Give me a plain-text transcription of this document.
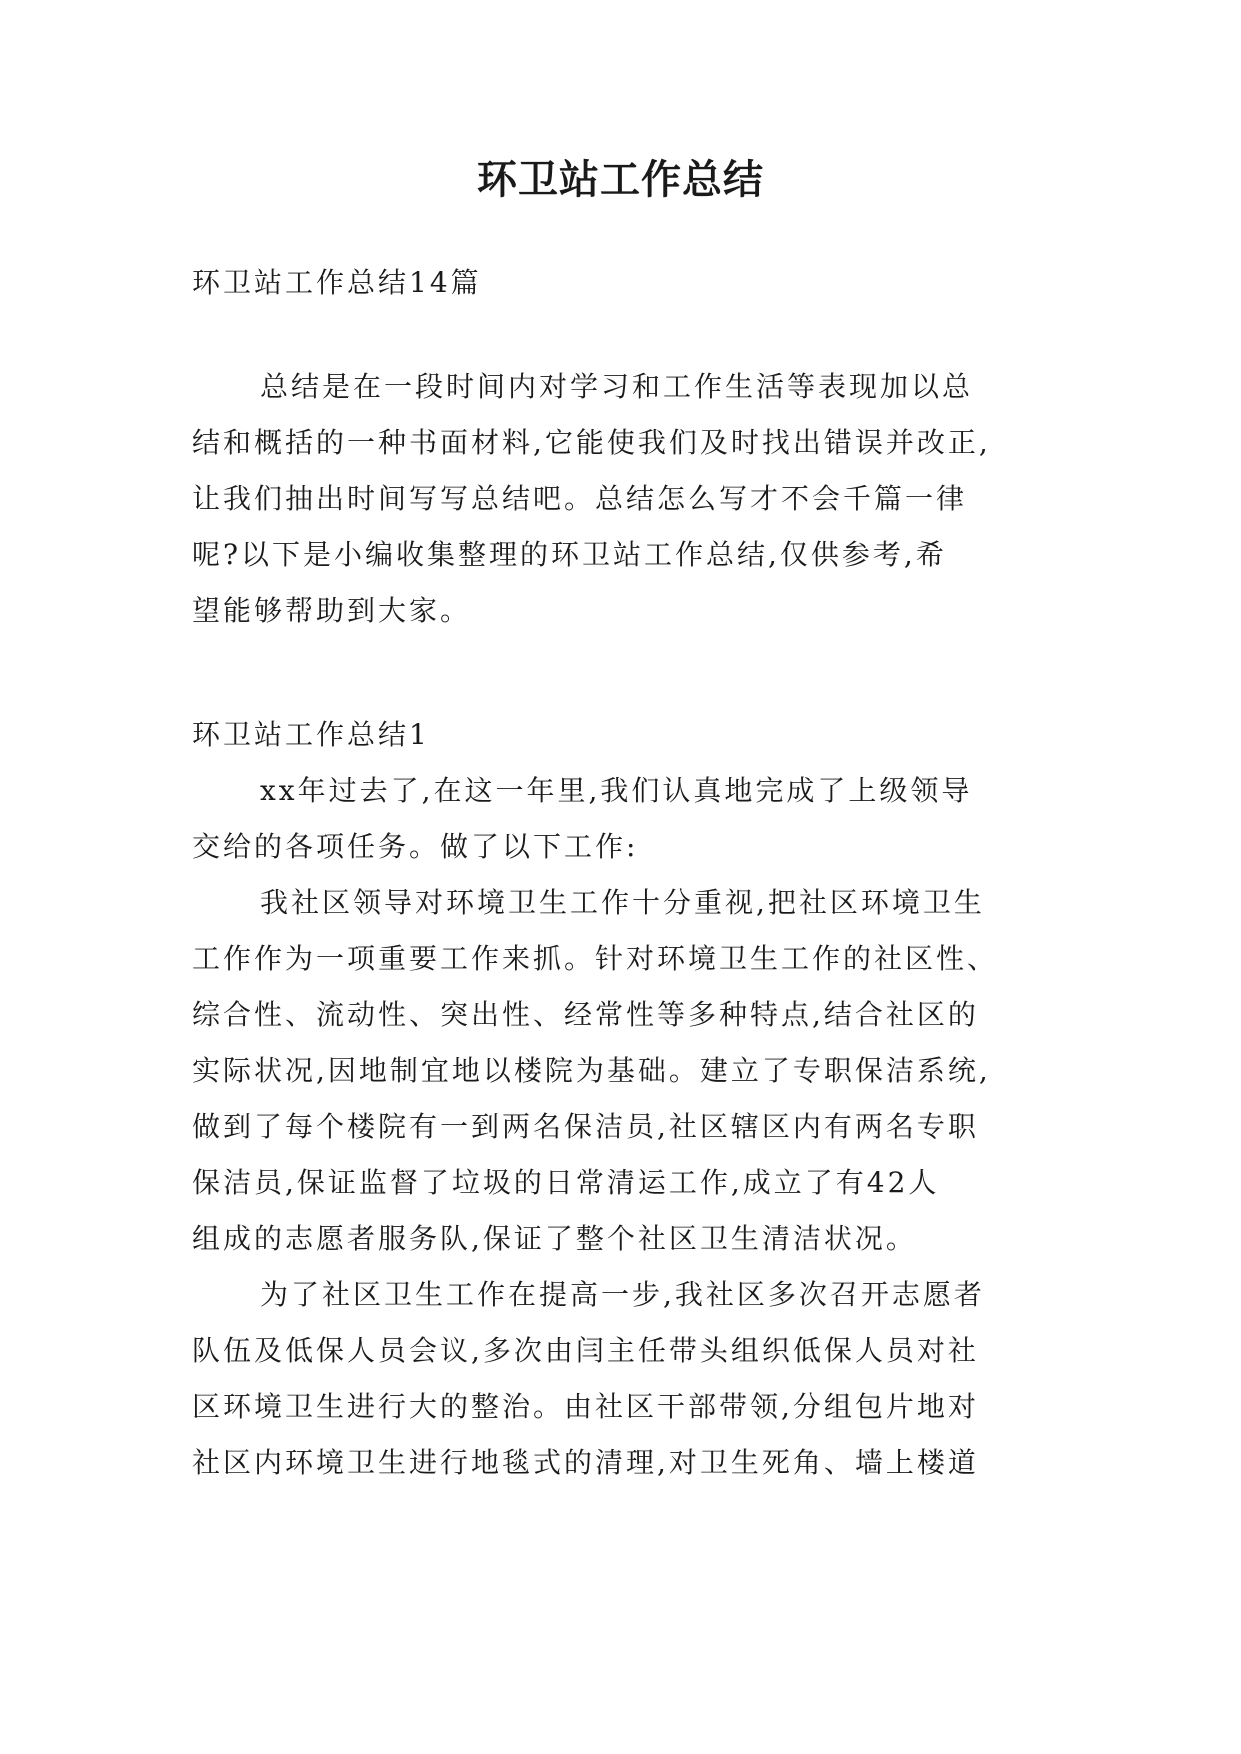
环卫站工作总结

环卫站工作总结14篇

总结是在一段时间内对学习和工作生活等表现加以总
结和概括的一种书面材料,它能使我们及时找出错误并改正,
让我们抽出时间写写总结吧。总结怎么写才不会千篇一律
呢?以下是小编收集整理的环卫站工作总结,仅供参考,希
望能够帮助到大家。

环卫站工作总结1

xx年过去了,在这一年里,我们认真地完成了上级领导
交给的各项任务。做了以下工作:
我社区领导对环境卫生工作十分重视,把社区环境卫生
工作作为一项重要工作来抓。针对环境卫生工作的社区性、
综合性、流动性、突出性、经常性等多种特点,结合社区的
实际状况,因地制宜地以楼院为基础。建立了专职保洁系统,
做到了每个楼院有一到两名保洁员,社区辖区内有两名专职
保洁员,保证监督了垃圾的日常清运工作,成立了有42人
组成的志愿者服务队,保证了整个社区卫生清洁状况。
为了社区卫生工作在提高一步,我社区多次召开志愿者
队伍及低保人员会议,多次由闫主任带头组织低保人员对社
区环境卫生进行大的整治。由社区干部带领,分组包片地对
社区内环境卫生进行地毯式的清理,对卫生死角、墙上楼道
